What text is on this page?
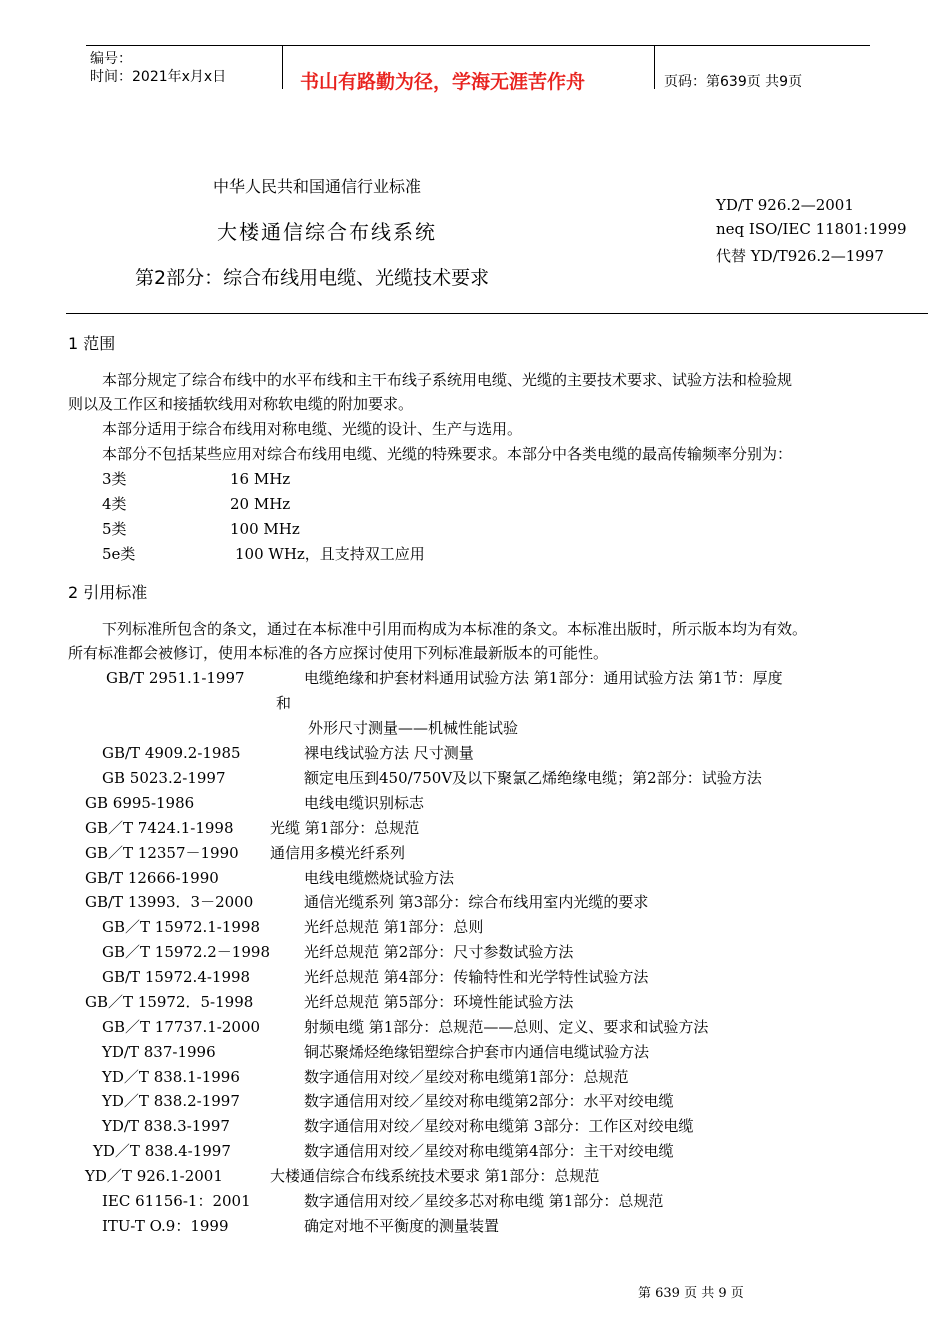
编号：
时间：2021年x月x日	书山有路勤为径，学海无涯苦作舟	页码：第639页 共9页
中华人民共和国通信行业标准
大楼通信综合布线系统
第2部分：综合布线用电缆、光缆技术要求
YD/T 926.2—2001
neq ISO/IEC 11801:1999
代替 YD/T926.2—1997
1 范围
本部分规定了综合布线中的水平布线和主干布线子系统用电缆、光缆的主要技术要求、试验方法和检验规
则以及工作区和接插软线用对称软电缆的附加要求。
本部分适用于综合布线用对称电缆、光缆的设计、生产与选用。
本部分不包括某些应用对综合布线用电缆、光缆的特殊要求。本部分中各类电缆的最高传输频率分别为：
3类	16 MHz
4类	20 MHz
5类	100 MHz
5e类	100 WHz，且支持双工应用
2 引用标准
下列标准所包含的条文，通过在本标准中引用而构成为本标准的条文。本标准出版时，所示版本均为有效。
所有标准都会被修订，使用本标准的各方应探讨使用下列标准最新版本的可能性。
GB/T 2951.1-1997	电缆绝缘和护套材料通用试验方法 第1部分：通用试验方法 第1节：厚度
和
外形尺寸测量——机械性能试验
GB/T 4909.2-1985	裸电线试验方法 尺寸测量
GB 5023.2-1997	额定电压到450/750V及以下聚氯乙烯绝缘电缆；第2部分：试验方法
GB 6995-1986	电线电缆识别标志
GB／T 7424.1-1998 光缆 第1部分：总规范
GB／T 12357－1990 通信用多模光纤系列
GB/T 12666-1990	电线电缆燃烧试验方法
GB/T 13993．3－2000	通信光缆系列 第3部分：综合布线用室内光缆的要求
GB／T 15972.1-1998	光纤总规范 第1部分：总则
GB／T 15972.2－1998 光纤总规范 第2部分：尺寸参数试验方法
GB/T 15972.4-1998	光纤总规范 第4部分：传输特性和光学特性试验方法
GB／T 15972．5-1998	光纤总规范 第5部分：环境性能试验方法
GB／T 17737.1-2000	射频电缆 第1部分：总规范——总则、定义、要求和试验方法
YD/T 837-1996	铜芯聚烯烃绝缘铝塑综合护套市内通信电缆试验方法
YD／T 838.1-1996	数字通信用对绞／星绞对称电缆第1部分：总规范
YD／T 838.2-1997	数字通信用对绞／星绞对称电缆第2部分：水平对绞电缆
YD/T 838.3-1997	数字通信用对绞／星绞对称电缆第 3部分：工作区对绞电缆
YD／T 838.4-1997	数字通信用对绞／星绞对称电缆第4部分：主干对绞电缆
YD／T 926.1-2001	大楼通信综合布线系统技术要求 第1部分：总规范
IEC 61156-1：2001	数字通信用对绞／星绞多芯对称电缆 第1部分：总规范
ITU-T O.9：1999	确定对地不平衡度的测量装置
第 639 页 共 9 页
